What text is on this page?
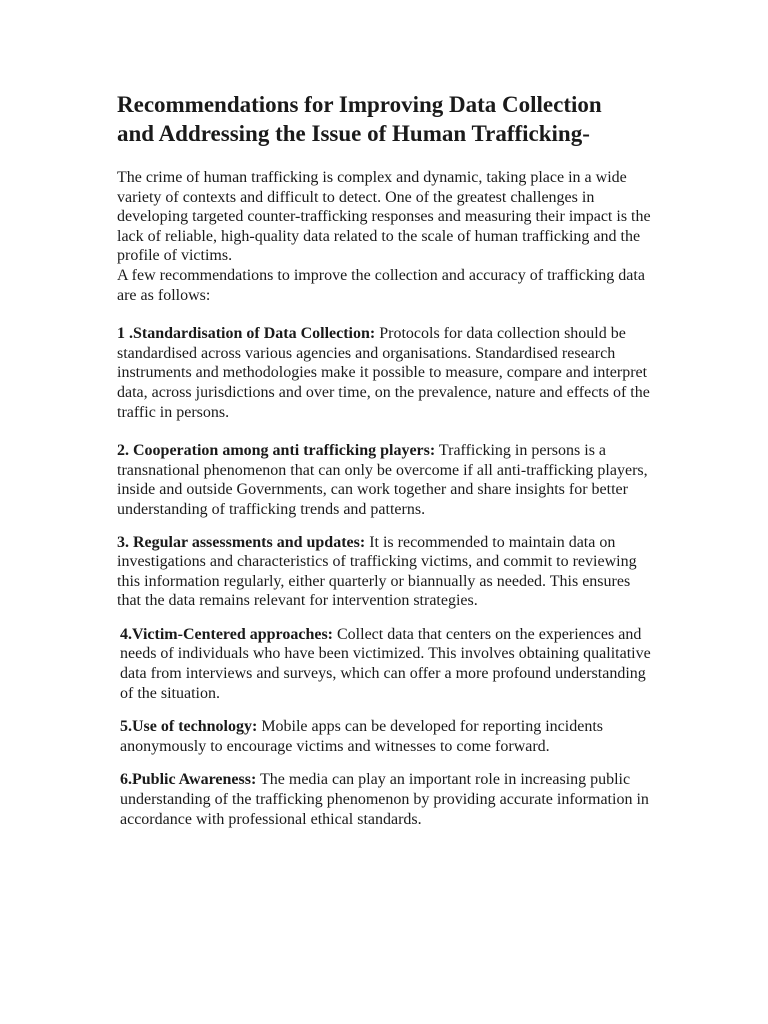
Recommendations for Improving Data Collection and Addressing the Issue of Human Trafficking-

The crime of human trafficking is complex and dynamic, taking place in a wide variety of contexts and difficult to detect. One of the greatest challenges in developing targeted counter-trafficking responses and measuring their impact is the lack of reliable, high-quality data related to the scale of human trafficking and the profile of victims.

A few recommendations to improve the collection and accuracy of trafficking data are as follows:

1 .Standardisation of Data Collection: Protocols for data collection should be standardised across various agencies and organisations. Standardised research instruments and methodologies make it possible to measure, compare and interpret data, across jurisdictions and over time, on the prevalence, nature and effects of the traffic in persons.

2. Cooperation among anti trafficking players: Trafficking in persons is a transnational phenomenon that can only be overcome if all anti-trafficking players, inside and outside Governments, can work together and share insights for better understanding of trafficking trends and patterns.

3. Regular assessments and updates: It is recommended to maintain data on investigations and characteristics of trafficking victims, and commit to reviewing this information regularly, either quarterly or biannually as needed. This ensures that the data remains relevant for intervention strategies.

4.Victim-Centered approaches: Collect data that centers on the experiences and needs of individuals who have been victimized. This involves obtaining qualitative data from interviews and surveys, which can offer a more profound understanding of the situation.

5.Use of technology: Mobile apps can be developed for reporting incidents anonymously to encourage victims and witnesses to come forward.

6.Public Awareness: The media can play an important role in increasing public understanding of the trafficking phenomenon by providing accurate information in accordance with professional ethical standards.
